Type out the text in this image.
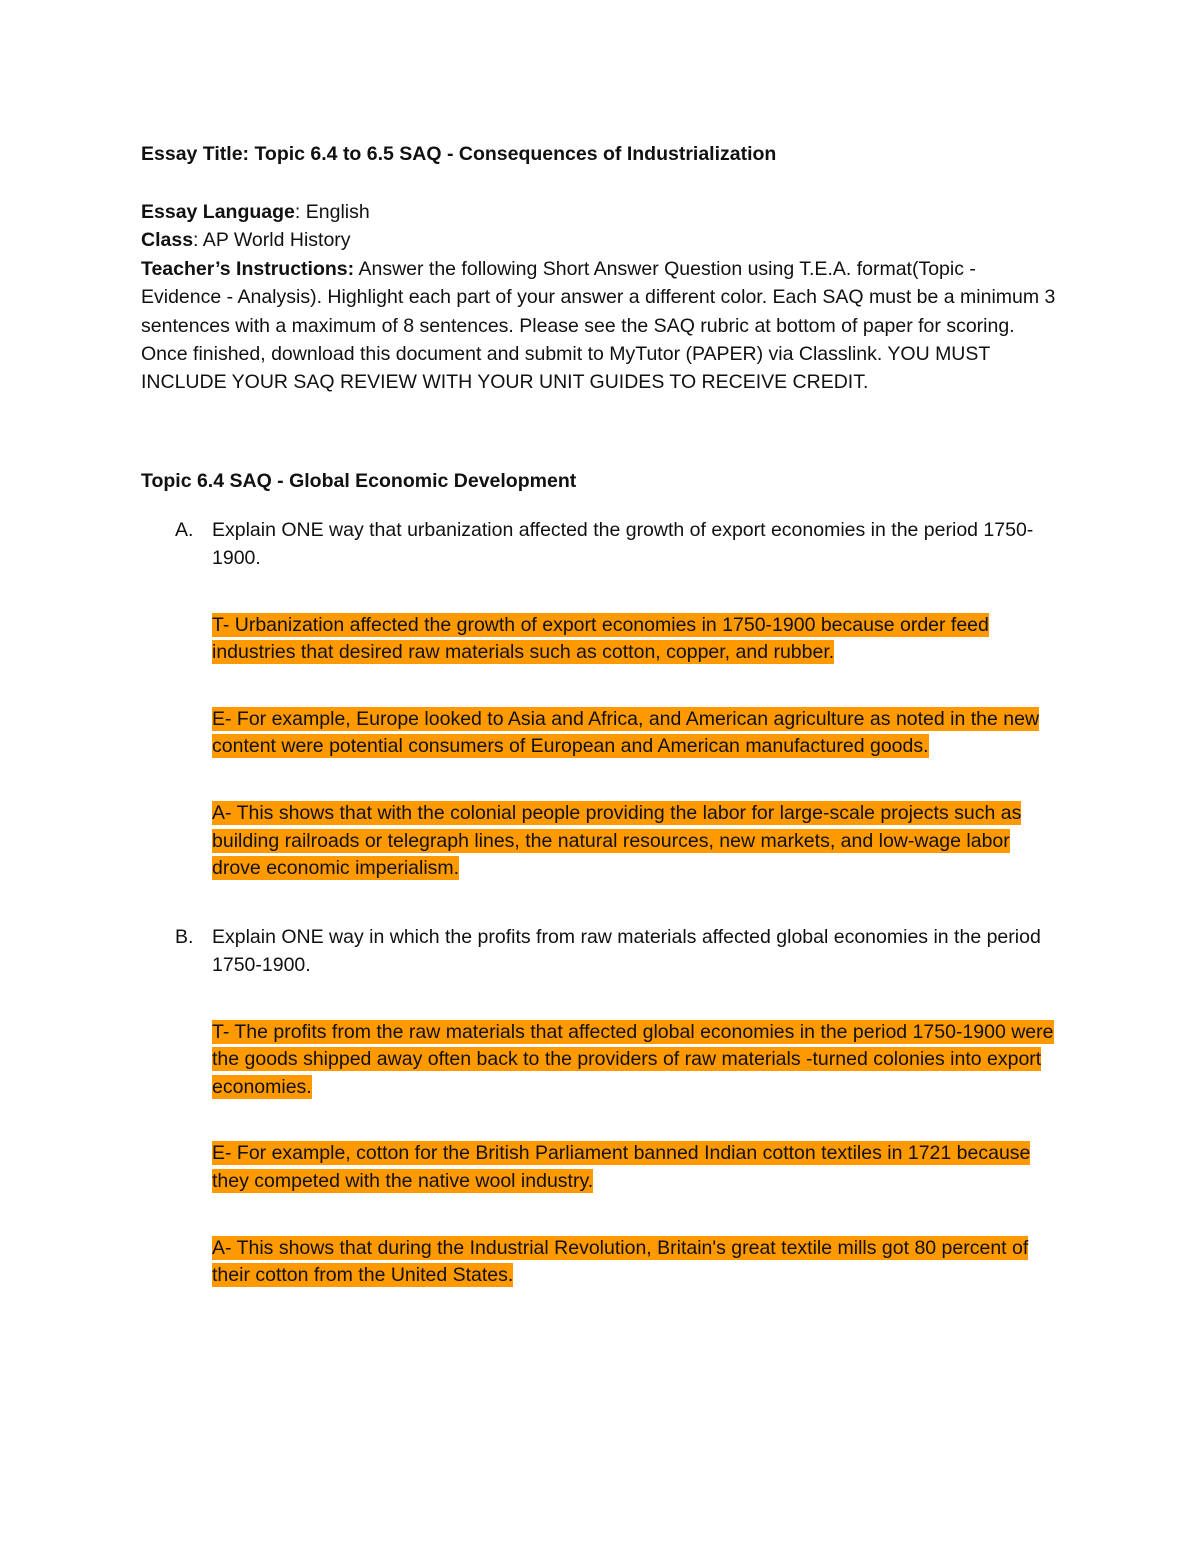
Essay Title: Topic 6.4 to 6.5 SAQ - Consequences of Industrialization

Essay Language: English

Class: AP World History

Teacher’s Instructions: Answer the following Short Answer Question using T.E.A. format(Topic - Evidence - Analysis). Highlight each part of your answer a different color. Each SAQ must be a minimum 3 sentences with a maximum of 8 sentences. Please see the SAQ rubric at bottom of paper for scoring. Once finished, download this document and submit to MyTutor (PAPER) via Classlink. YOU MUST INCLUDE YOUR SAQ REVIEW WITH YOUR UNIT GUIDES TO RECEIVE CREDIT.

Topic 6.4 SAQ - Global Economic Development

A. Explain ONE way that urbanization affected the growth of export economies in the period 1750-1900.
T- Urbanization affected the growth of export economies in 1750-1900 because order feed industries that desired raw materials such as cotton, copper, and rubber.
E- For example, Europe looked to Asia and Africa, and American agriculture as noted in the new content were potential consumers of European and American manufactured goods.
A- This shows that with the colonial people providing the labor for large-scale projects such as building railroads or telegraph lines, the natural resources, new markets, and low-wage labor drove economic imperialism.
B. Explain ONE way in which the profits from raw materials affected global economies in the period 1750-1900.
T- The profits from the raw materials that affected global economies in the period 1750-1900 were the goods shipped away often back to the providers of raw materials -turned colonies into export economies.
E- For example, cotton for the British Parliament banned Indian cotton textiles in 1721 because they competed with the native wool industry.
A- This shows that during the Industrial Revolution, Britain's great textile mills got 80 percent of their cotton from the United States.
